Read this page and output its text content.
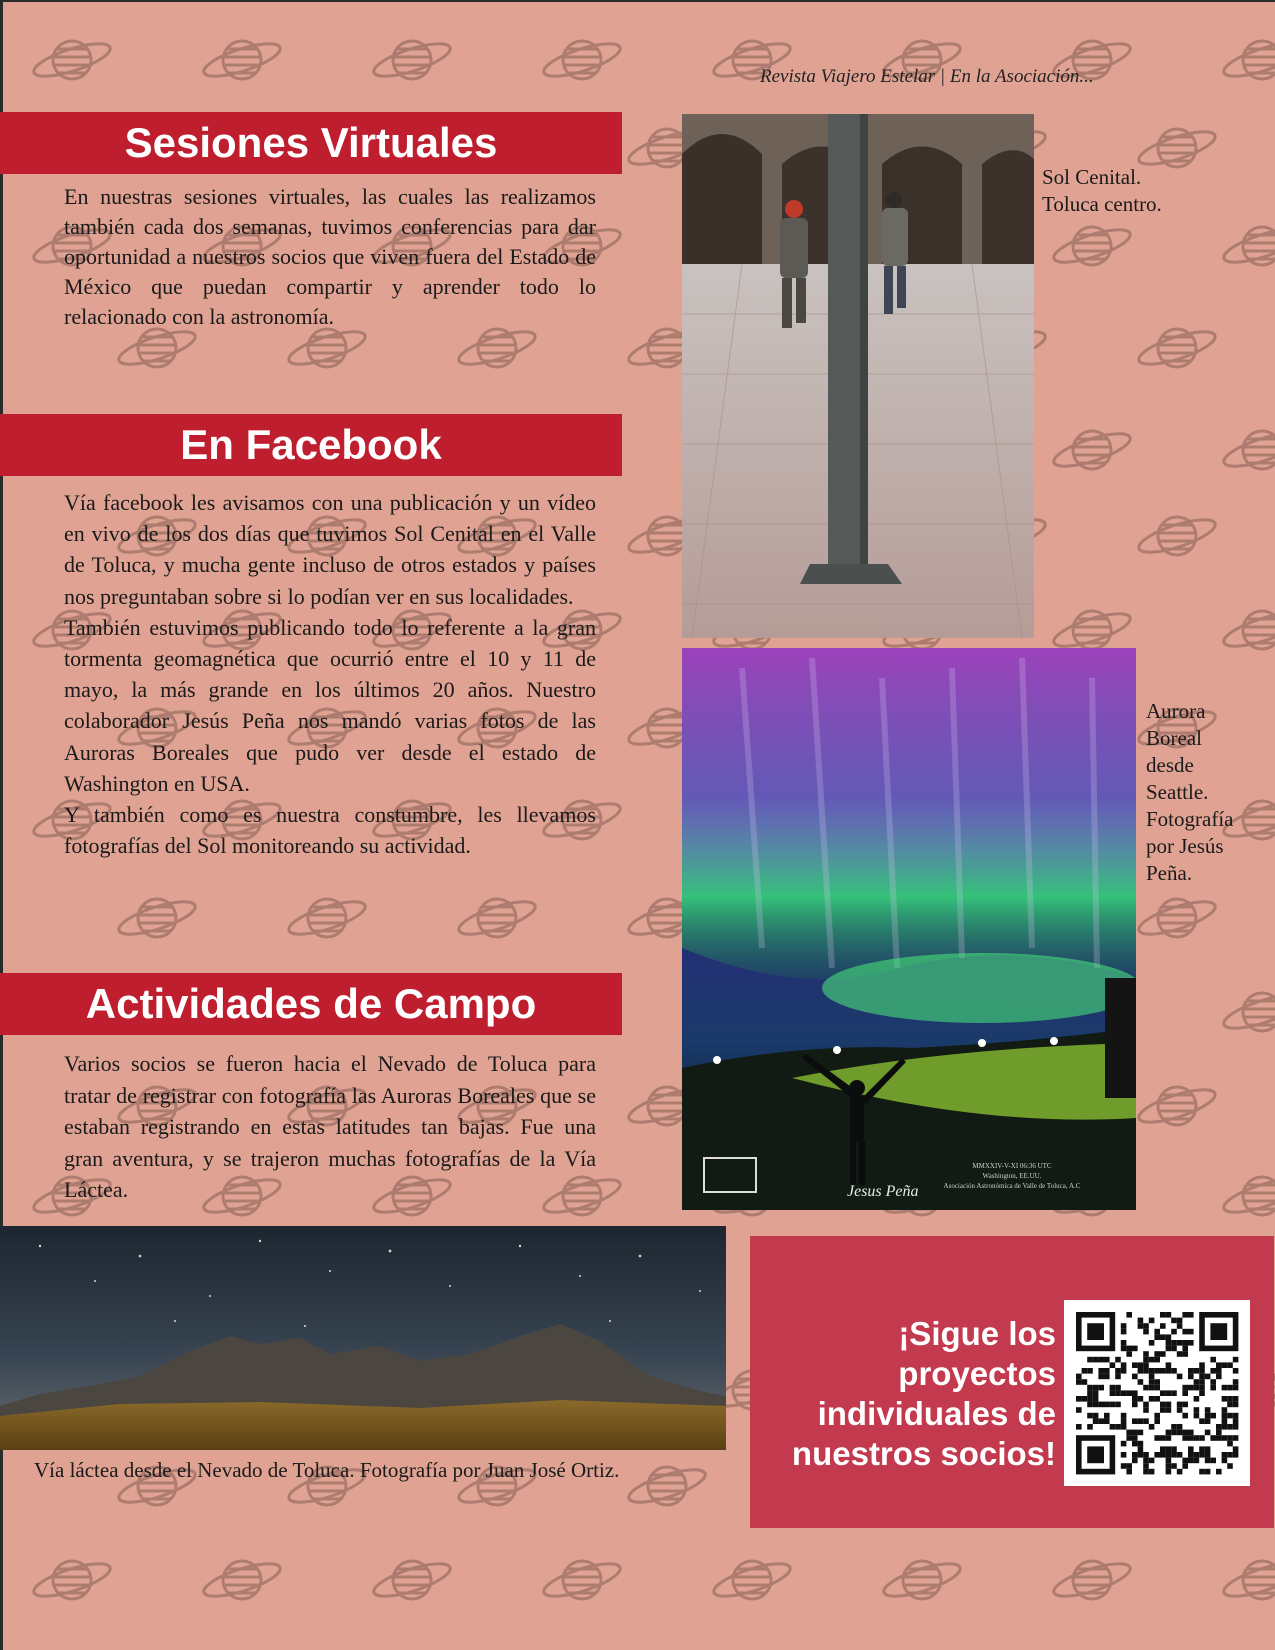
Revista Viajero Estelar | En la Asociación...
Sesiones Virtuales

En nuestras sesiones virtuales, las cuales las realizamos también cada dos semanas, tuvimos conferencias para dar oportunidad a nuestros socios que viven fuera del Estado de México que puedan compartir y aprender todo lo relacionado con la astronomía.

En Facebook

Vía facebook les avisamos con una publicación y un vídeo en vivo de los dos días que tuvimos Sol Cenital en el Valle de Toluca, y mucha gente incluso de otros estados y países nos preguntaban sobre si lo podían ver en sus localidades.

También estuvimos publicando todo lo referente a la gran tormenta geomagnética que ocurrió entre el 10 y 11 de mayo, la más grande en los últimos 20 años. Nuestro colaborador Jesús Peña nos mandó varias fotos de las Auroras Boreales que pudo ver desde el estado de Washington en USA.

Y también como es nuestra constumbre, les llevamos fotografías del Sol monitoreando su actividad.

Actividades de Campo

Varios socios se fueron hacia el Nevado de Toluca para tratar de registrar con fotografía las Auroras Boreales que se estaban registrando en estas latitudes tan bajas. Fue una gran aventura, y se trajeron muchas fotografías de la Vía Láctea.

Sol Cenital.
Toluca centro.
Jesus Peña
MMXXIV-V-XI 06:36 UTC
Washington, EE.UU.
Asociación Astronómica de Valle de Toluca, A.C
Aurora
Boreal
desde
Seattle.
Fotografía
por Jesús
Peña.
Vía láctea desde el Nevado de Toluca. Fotografía por Juan José Ortiz.
¡Sigue los
proyectos
individuales de
nuestros socios!
